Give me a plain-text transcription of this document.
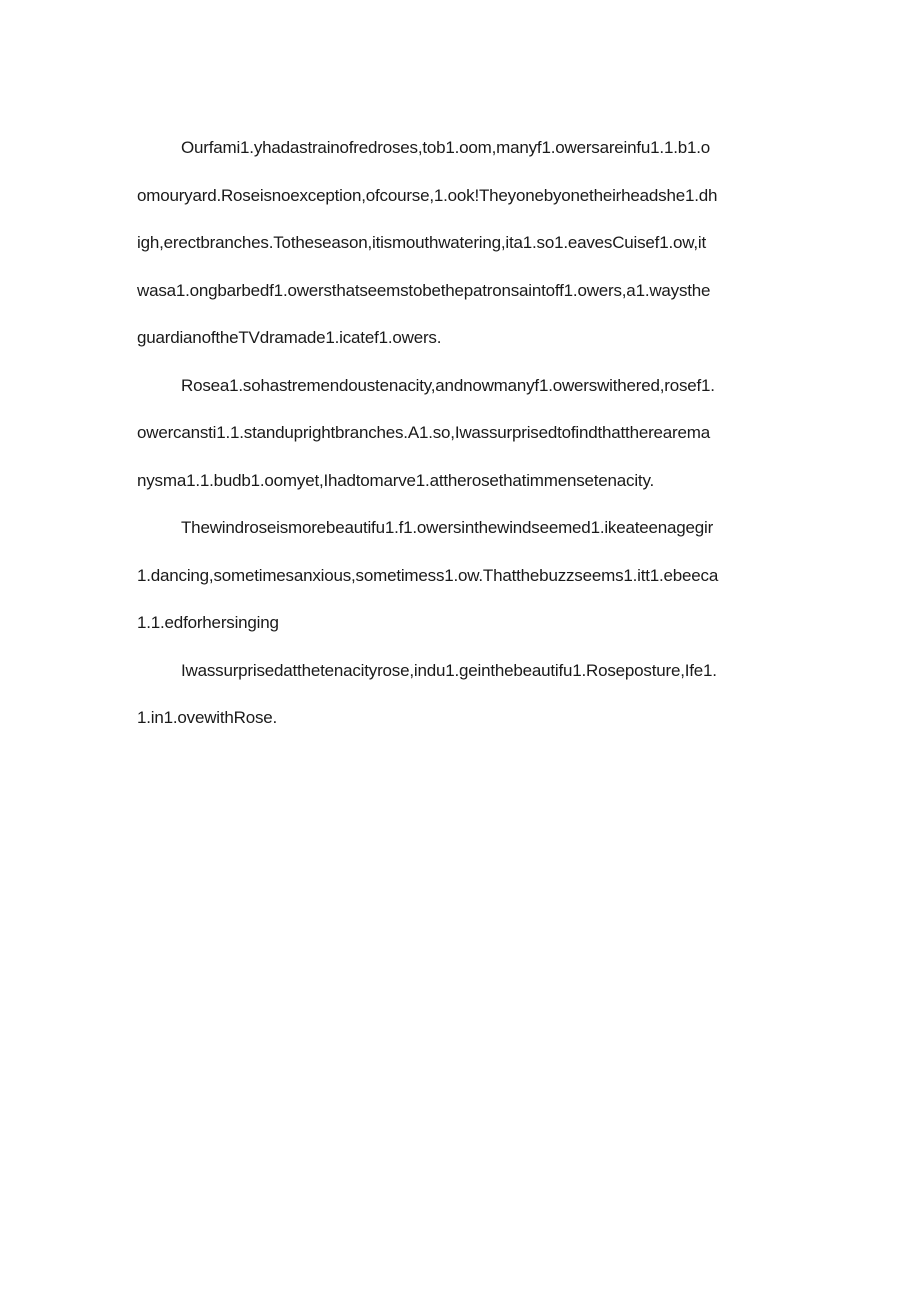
Ourfami1.yhadastrainofredroses,tob1.oom,manyf1.owersareinfu1.1.b1.o
omouryard.Roseisnoexception,ofcourse,1.ook!Theyonebyonetheirheadshe1.dh
igh,erectbranches.Totheseason,itismouthwatering,ita1.so1.eavesCuisef1.ow,it
wasa1.ongbarbedf1.owersthatseemstobethepatronsaintoff1.owers,a1.waysthe
guardianoftheTVdramade1.icatef1.owers.
Rosea1.sohastremendoustenacity,andnowmanyf1.owerswithered,rosef1.
owercansti1.1.standuprightbranches.A1.so,Iwassurprisedtofindthattherearema
nysma1.1.budb1.oomyet,Ihadtomarve1.attherosethatimmensetenacity.
Thewindroseismorebeautifu1.f1.owersinthewindseemed1.ikeateenagegir
1.dancing,sometimesanxious,sometimess1.ow.Thatthebuzzseems1.itt1.ebeeca
1.1.edforhersinging
Iwassurprisedatthetenacityrose,indu1.geinthebeautifu1.Roseposture,Ife1.
1.in1.ovewithRose.
